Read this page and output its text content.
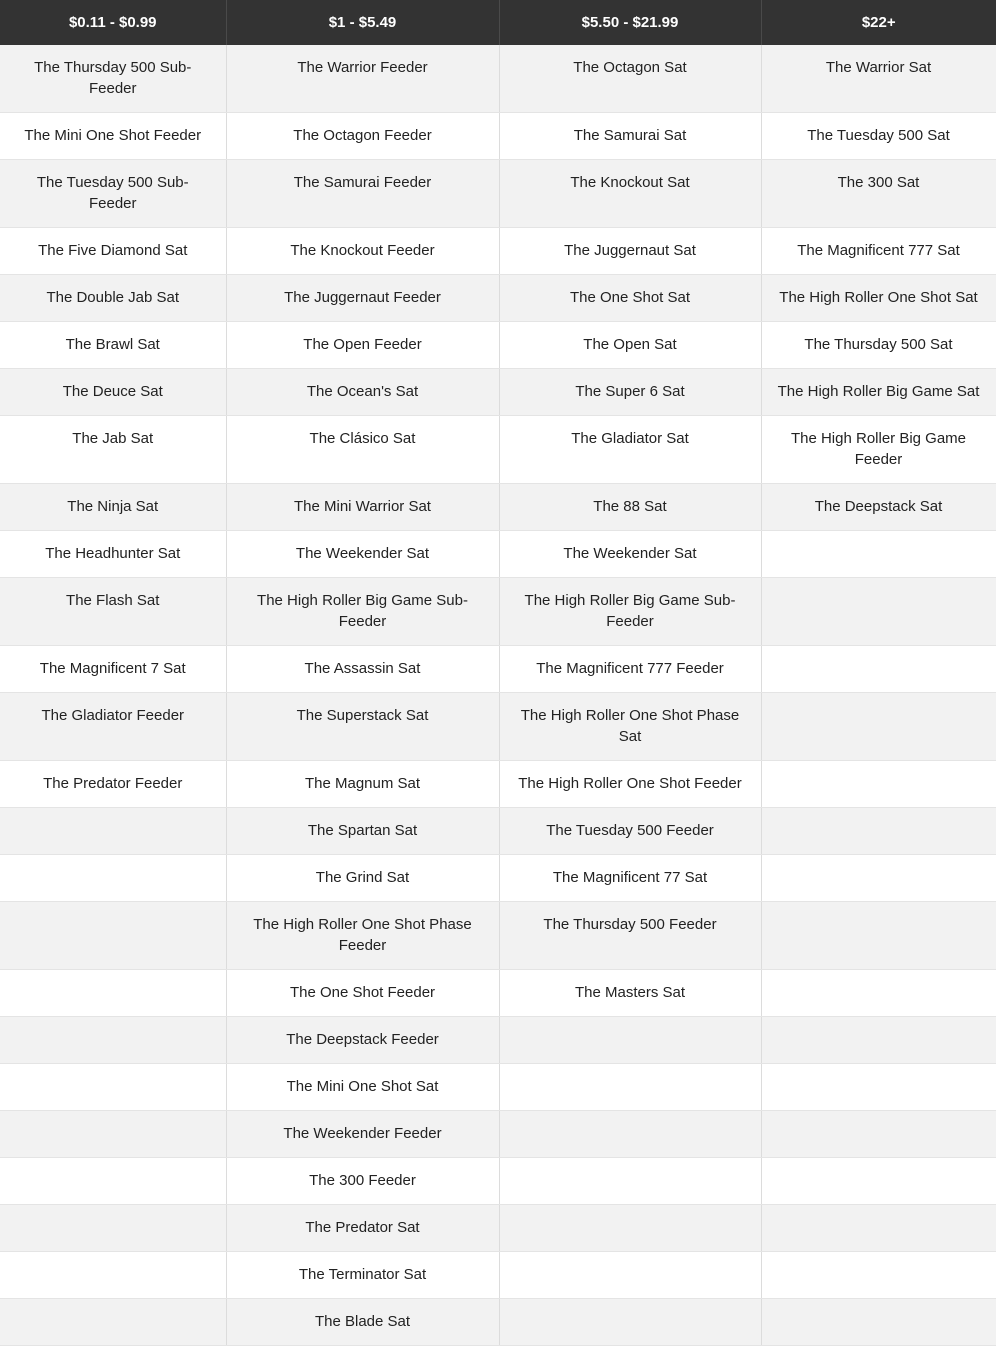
$0.11 - $0.99	$1 - $5.49	$5.50 - $21.99	$22+
The Thursday 500 Sub-Feeder	The Warrior Feeder	The Octagon Sat	The Warrior Sat
The Mini One Shot Feeder	The Octagon Feeder	The Samurai Sat	The Tuesday 500 Sat
The Tuesday 500 Sub-Feeder	The Samurai Feeder	The Knockout Sat	The 300 Sat
The Five Diamond Sat	The Knockout Feeder	The Juggernaut Sat	The Magnificent 777 Sat
The Double Jab Sat	The Juggernaut Feeder	The One Shot Sat	The High Roller One Shot Sat
The Brawl Sat	The Open Feeder	The Open Sat	The Thursday 500 Sat
The Deuce Sat	The Ocean's Sat	The Super 6 Sat	The High Roller Big Game Sat
The Jab Sat	The Clásico Sat	The Gladiator Sat	The High Roller Big Game Feeder
The Ninja Sat	The Mini Warrior Sat	The 88 Sat	The Deepstack Sat
The Headhunter Sat	The Weekender Sat	The Weekender Sat	
The Flash Sat	The High Roller Big Game Sub-Feeder	The High Roller Big Game Sub-Feeder	
The Magnificent 7 Sat	The Assassin Sat	The Magnificent 777 Feeder	
The Gladiator Feeder	The Superstack Sat	The High Roller One Shot Phase Sat	
The Predator Feeder	The Magnum Sat	The High Roller One Shot Feeder	
	The Spartan Sat	The Tuesday 500 Feeder	
	The Grind Sat	The Magnificent 77 Sat	
	The High Roller One Shot Phase Feeder	The Thursday 500 Feeder	
	The One Shot Feeder	The Masters Sat	
	The Deepstack Feeder		
	The Mini One Shot Sat		
	The Weekender Feeder		
	The 300 Feeder		
	The Predator Sat		
	The Terminator Sat		
	The Blade Sat		
